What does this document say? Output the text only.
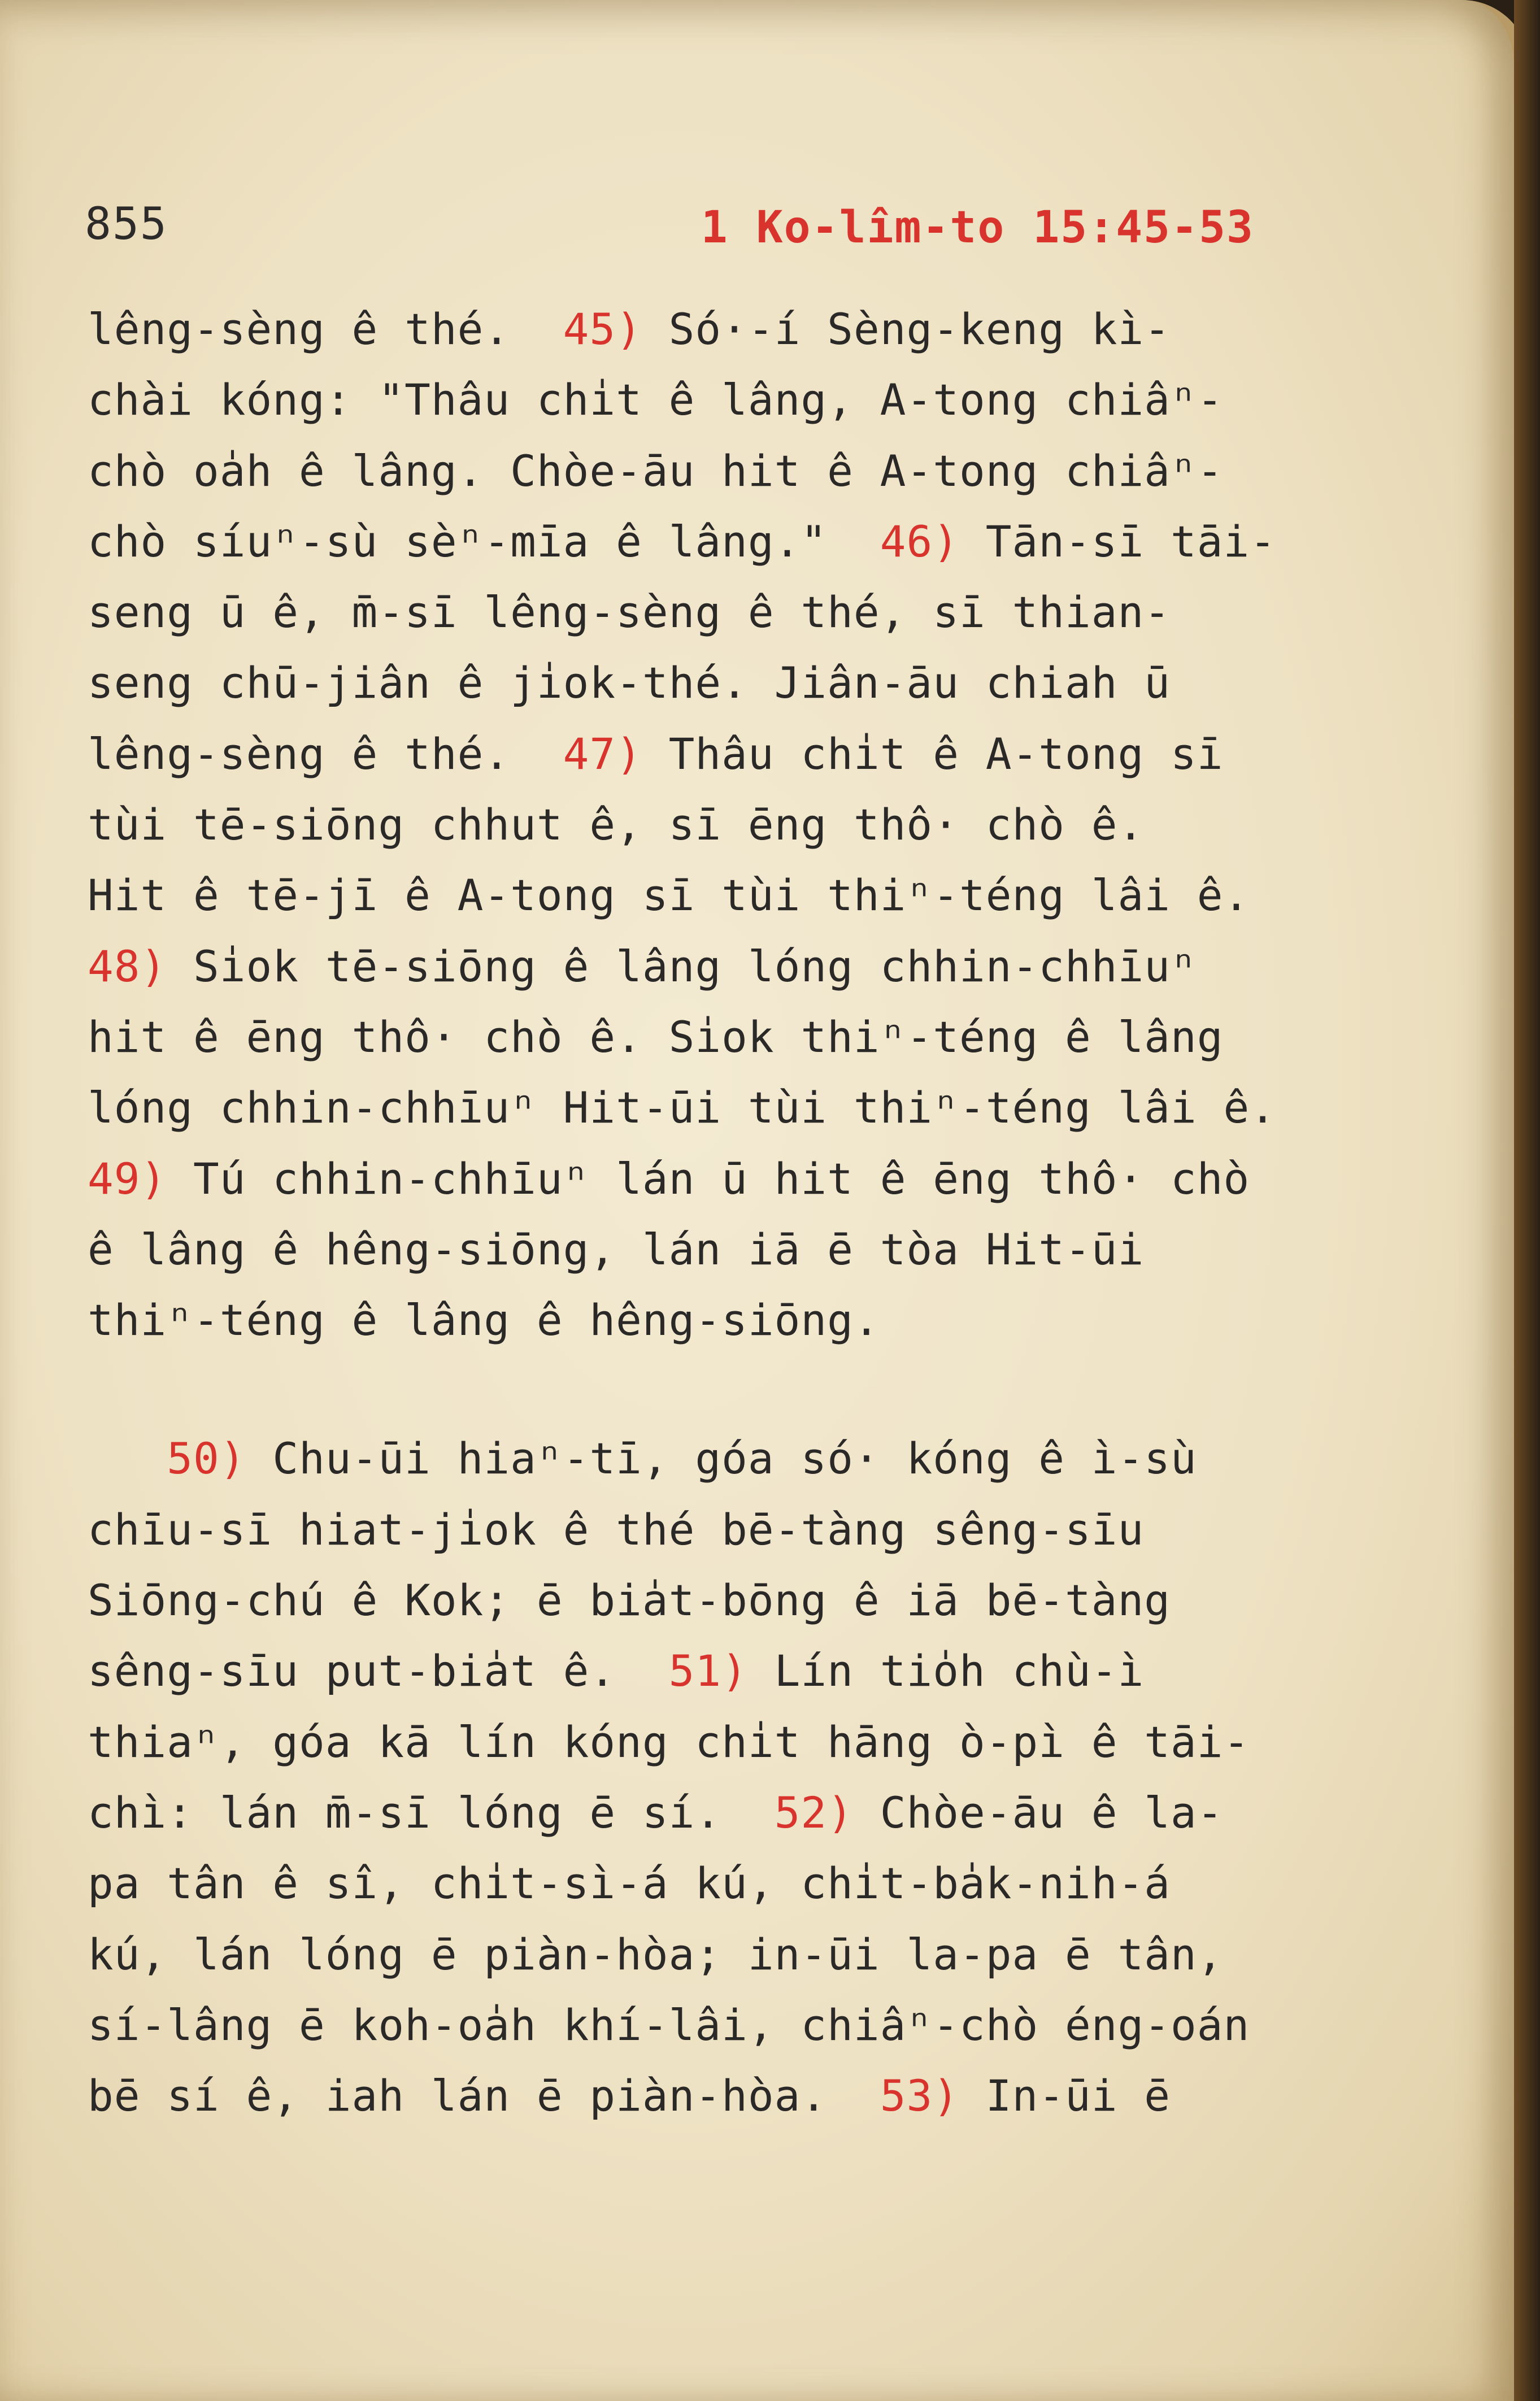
855	1 Ko-lîm-to 15:45-53
lêng-sèng ê thé.  45) Só·-í Sèng-keng kì-
chài kóng: "Thâu chi̍t ê lâng, A-tong chiâⁿ-
chò oa̍h ê lâng. Chòe-āu hit ê A-tong chiâⁿ-
chò síuⁿ-sù sèⁿ-mīa ê lâng."  46) Tān-sī tāi-
seng ū ê, m̄-sī lêng-sèng ê thé, sī thian-
seng chū-jiân ê ji̍ok-thé. Jiân-āu chiah ū
lêng-sèng ê thé.  47) Thâu chi̍t ê A-tong sī
tùi tē-siōng chhut ê, sī ēng thô· chò ê.
Hit ê tē-jī ê A-tong sī tùi thiⁿ-téng lâi ê.
48) Si̍ok tē-siōng ê lâng lóng chhin-chhīuⁿ
hit ê ēng thô· chò ê. Si̍ok thiⁿ-téng ê lâng
lóng chhin-chhīuⁿ Hit-ūi tùi thiⁿ-téng lâi ê.
49) Tú chhin-chhīuⁿ lán ū hit ê ēng thô· chò
ê lâng ê hêng-siōng, lán iā ē tòa Hit-ūi
thiⁿ-téng ê lâng ê hêng-siōng.
50) Chu-ūi hiaⁿ-tī, góa só· kóng ê ì-sù
chīu-sī hiat-ji̍ok ê thé bē-tàng sêng-sīu
Siōng-chú ê Kok; ē bia̍t-bōng ê iā bē-tàng
sêng-sīu put-bia̍t ê.  51) Lín tio̍h chù-ì
thiaⁿ, góa kā lín kóng chi̍t hāng ò-pì ê tāi-
chì: lán m̄-sī lóng ē sí.  52) Chòe-āu ê la-
pa tân ê sî, chi̍t-sì-á kú, chi̍t-ba̍k-nih-á
kú, lán lóng ē piàn-hòa; in-ūi la-pa ē tân,
sí-lâng ē koh-oa̍h khí-lâi, chiâⁿ-chò éng-oán
bē sí ê, iah lán ē piàn-hòa.  53) In-ūi ē
